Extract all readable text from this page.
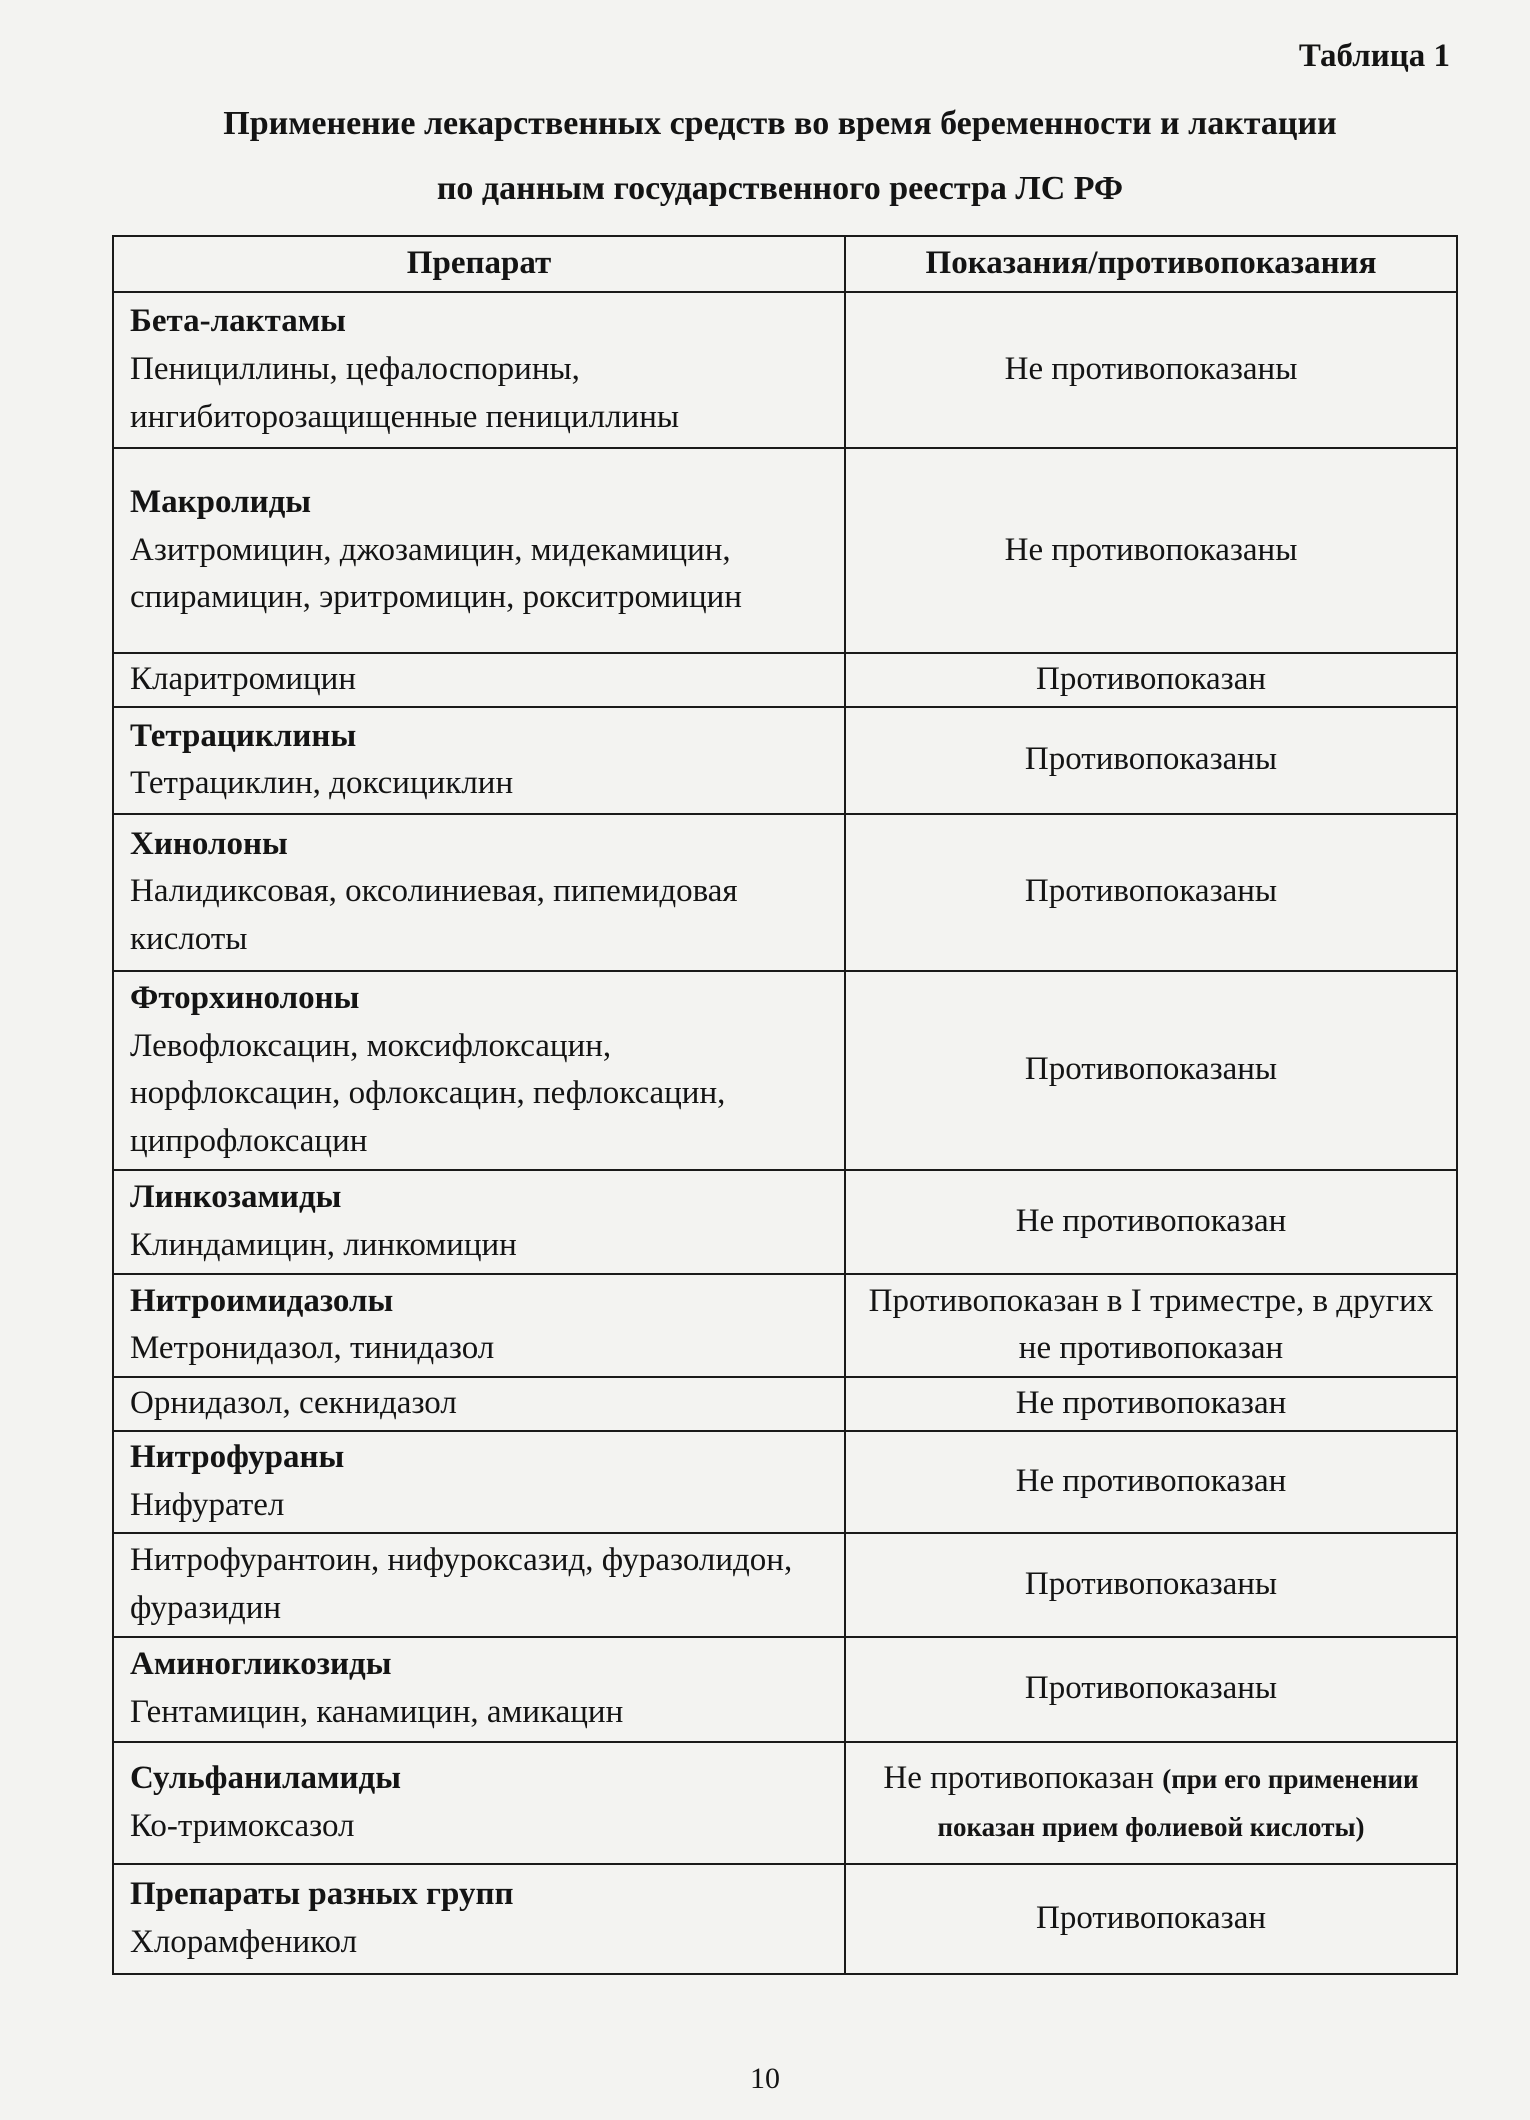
Таблица 1
Применение лекарственных средств во время беременности и лактации
по данным государственного реестра ЛС РФ
Препарат	Показания/противопоказания

Бета-лактамы
Пенициллины, цефалоспорины, ингибиторозащищенные пенициллины	Не противопоказаны

Макролиды
Азитромицин, джозамицин, мидекамицин, спирамицин, эритромицин, рокситромицин	Не противопоказаны

Кларитромицин	Противопоказан

Тетрациклины
Тетрациклин, доксициклин	Противопоказаны

Хинолоны
Налидиксовая, оксолиниевая, пипемидовая кислоты	Противопоказаны

Фторхинолоны
Левофлоксацин, моксифлоксацин, норфлоксацин, офлоксацин, пефлоксацин, ципрофлоксацин	Противопоказаны

Линкозамиды
Клиндамицин, линкомицин	Не противопоказан

Нитроимидазолы
Метронидазол, тинидазол	Противопоказан в I триместре, в других не противопоказан

Орнидазол, секнидазол	Не противопоказан

Нитрофураны
Нифурател	Не противопоказан

Нитрофурантоин, нифуроксазид, фуразолидон, фуразидин	Противопоказаны

Аминогликозиды
Гентамицин, канамицин, амикацин	Противопоказаны

Сульфаниламиды
Ко-тримоксазол	Не противопоказан (при его применении показан прием фолиевой кислоты)

Препараты разных групп
Хлорамфеникол	Противопоказан
10
